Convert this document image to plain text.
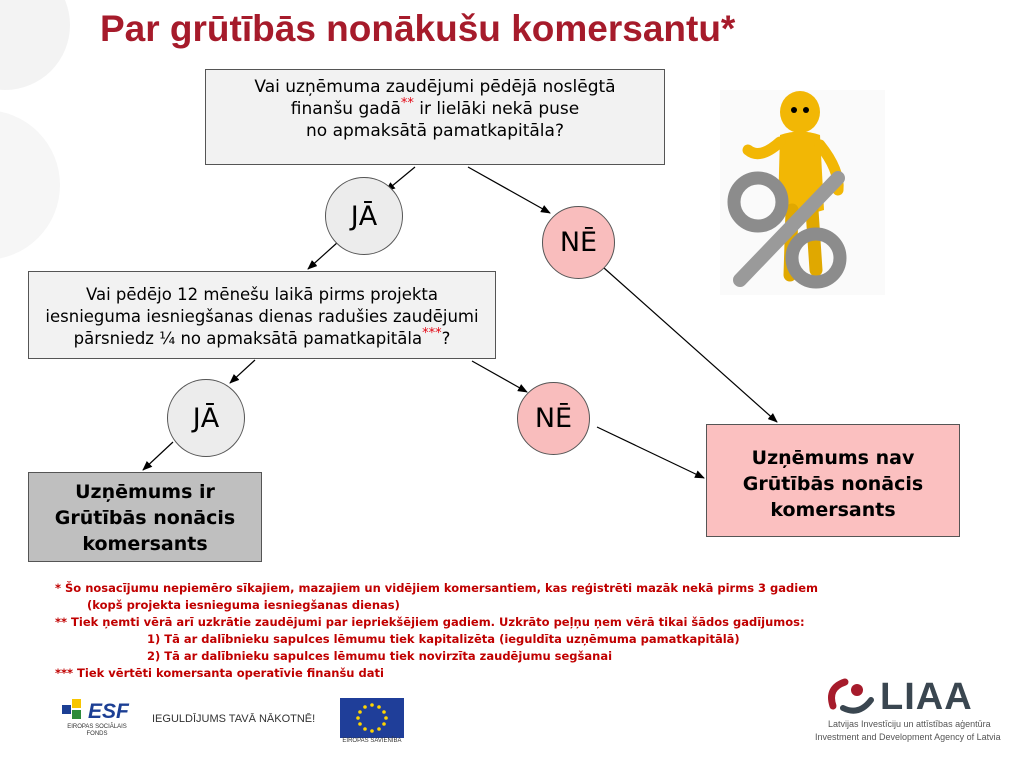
Par grūtībās nonākušu komersantu*
Vai uzņēmuma zaudējumi pēdējā noslēgtā
finanšu gadā** ir lielāki nekā puse
no apmaksātā pamatkapitāla?
JĀ
NĒ
Vai pēdējo 12 mēnešu laikā pirms projekta
iesnieguma iesniegšanas dienas radušies zaudējumi
pārsniedz ¼ no apmaksātā pamatkapitāla***?
JĀ	NĒ
Uzņēmums ir
Grūtībās nonācis
komersants
Uzņēmums nav
Grūtībās nonācis
komersants
* Šo nosacījumu nepiemēro sīkajiem, mazajiem un vidējiem komersantiem, kas reģistrēti mazāk nekā pirms 3 gadiem
(kopš projekta iesnieguma iesniegšanas dienas)
** Tiek ņemti vērā arī uzkrātie zaudējumi par iepriekšējiem gadiem. Uzkrāto peļņu ņem vērā tikai šādos gadījumos:
1) Tā ar dalībnieku sapulces lēmumu tiek kapitalizēta (ieguldīta uzņēmuma pamatkapitālā)
2) Tā ar dalībnieku sapulces lēmumu tiek novirzīta zaudējumu segšanai
*** Tiek vērtēti komersanta operatīvie finanšu dati
ESF
EIROPAS SOCIĀLAIS FONDS
IEGULDĪJUMS TAVĀ NĀKOTNĒ!
EIROPAS SAVIENĪBA
LIAA
Latvijas Investīciju un attīstības aģentūra
Investment and Development Agency of Latvia
